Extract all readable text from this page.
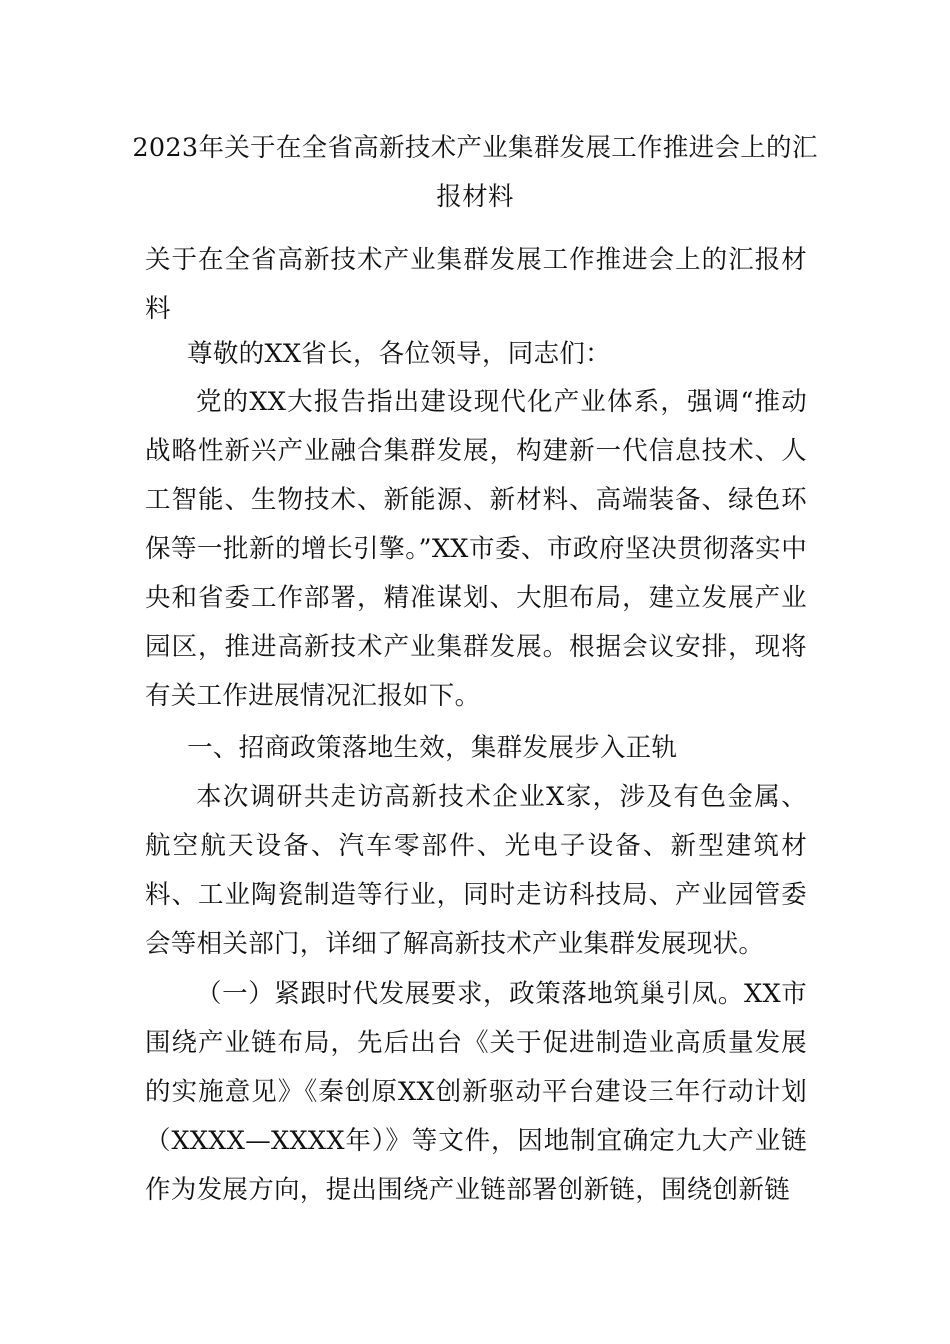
2023年关于在全省高新技术产业集群发展工作推进会上的汇报材料

关于在全省高新技术产业集群发展工作推进会上的汇报材料

尊敬的XX省长，各位领导，同志们：

党的XX大报告指出建设现代化产业体系，强调“推动战略性新兴产业融合集群发展，构建新一代信息技术、人工智能、生物技术、新能源、新材料、高端装备、绿色环保等一批新的增长引擎。”XX市委、市政府坚决贯彻落实中央和省委工作部署，精准谋划、大胆布局，建立发展产业园区，推进高新技术产业集群发展。根据会议安排，现将有关工作进展情况汇报如下。

一、招商政策落地生效，集群发展步入正轨

本次调研共走访高新技术企业X家，涉及有色金属、航空航天设备、汽车零部件、光电子设备、新型建筑材料、工业陶瓷制造等行业，同时走访科技局、产业园管委会等相关部门，详细了解高新技术产业集群发展现状。

（一）紧跟时代发展要求，政策落地筑巢引凤。XX市围绕产业链布局，先后出台《关于促进制造业高质量发展的实施意见》《秦创原XX创新驱动平台建设三年行动计划（XXXX—XXXX年）》等文件，因地制宜确定九大产业链作为发展方向，提出围绕产业链部署创新链，围绕创新链
